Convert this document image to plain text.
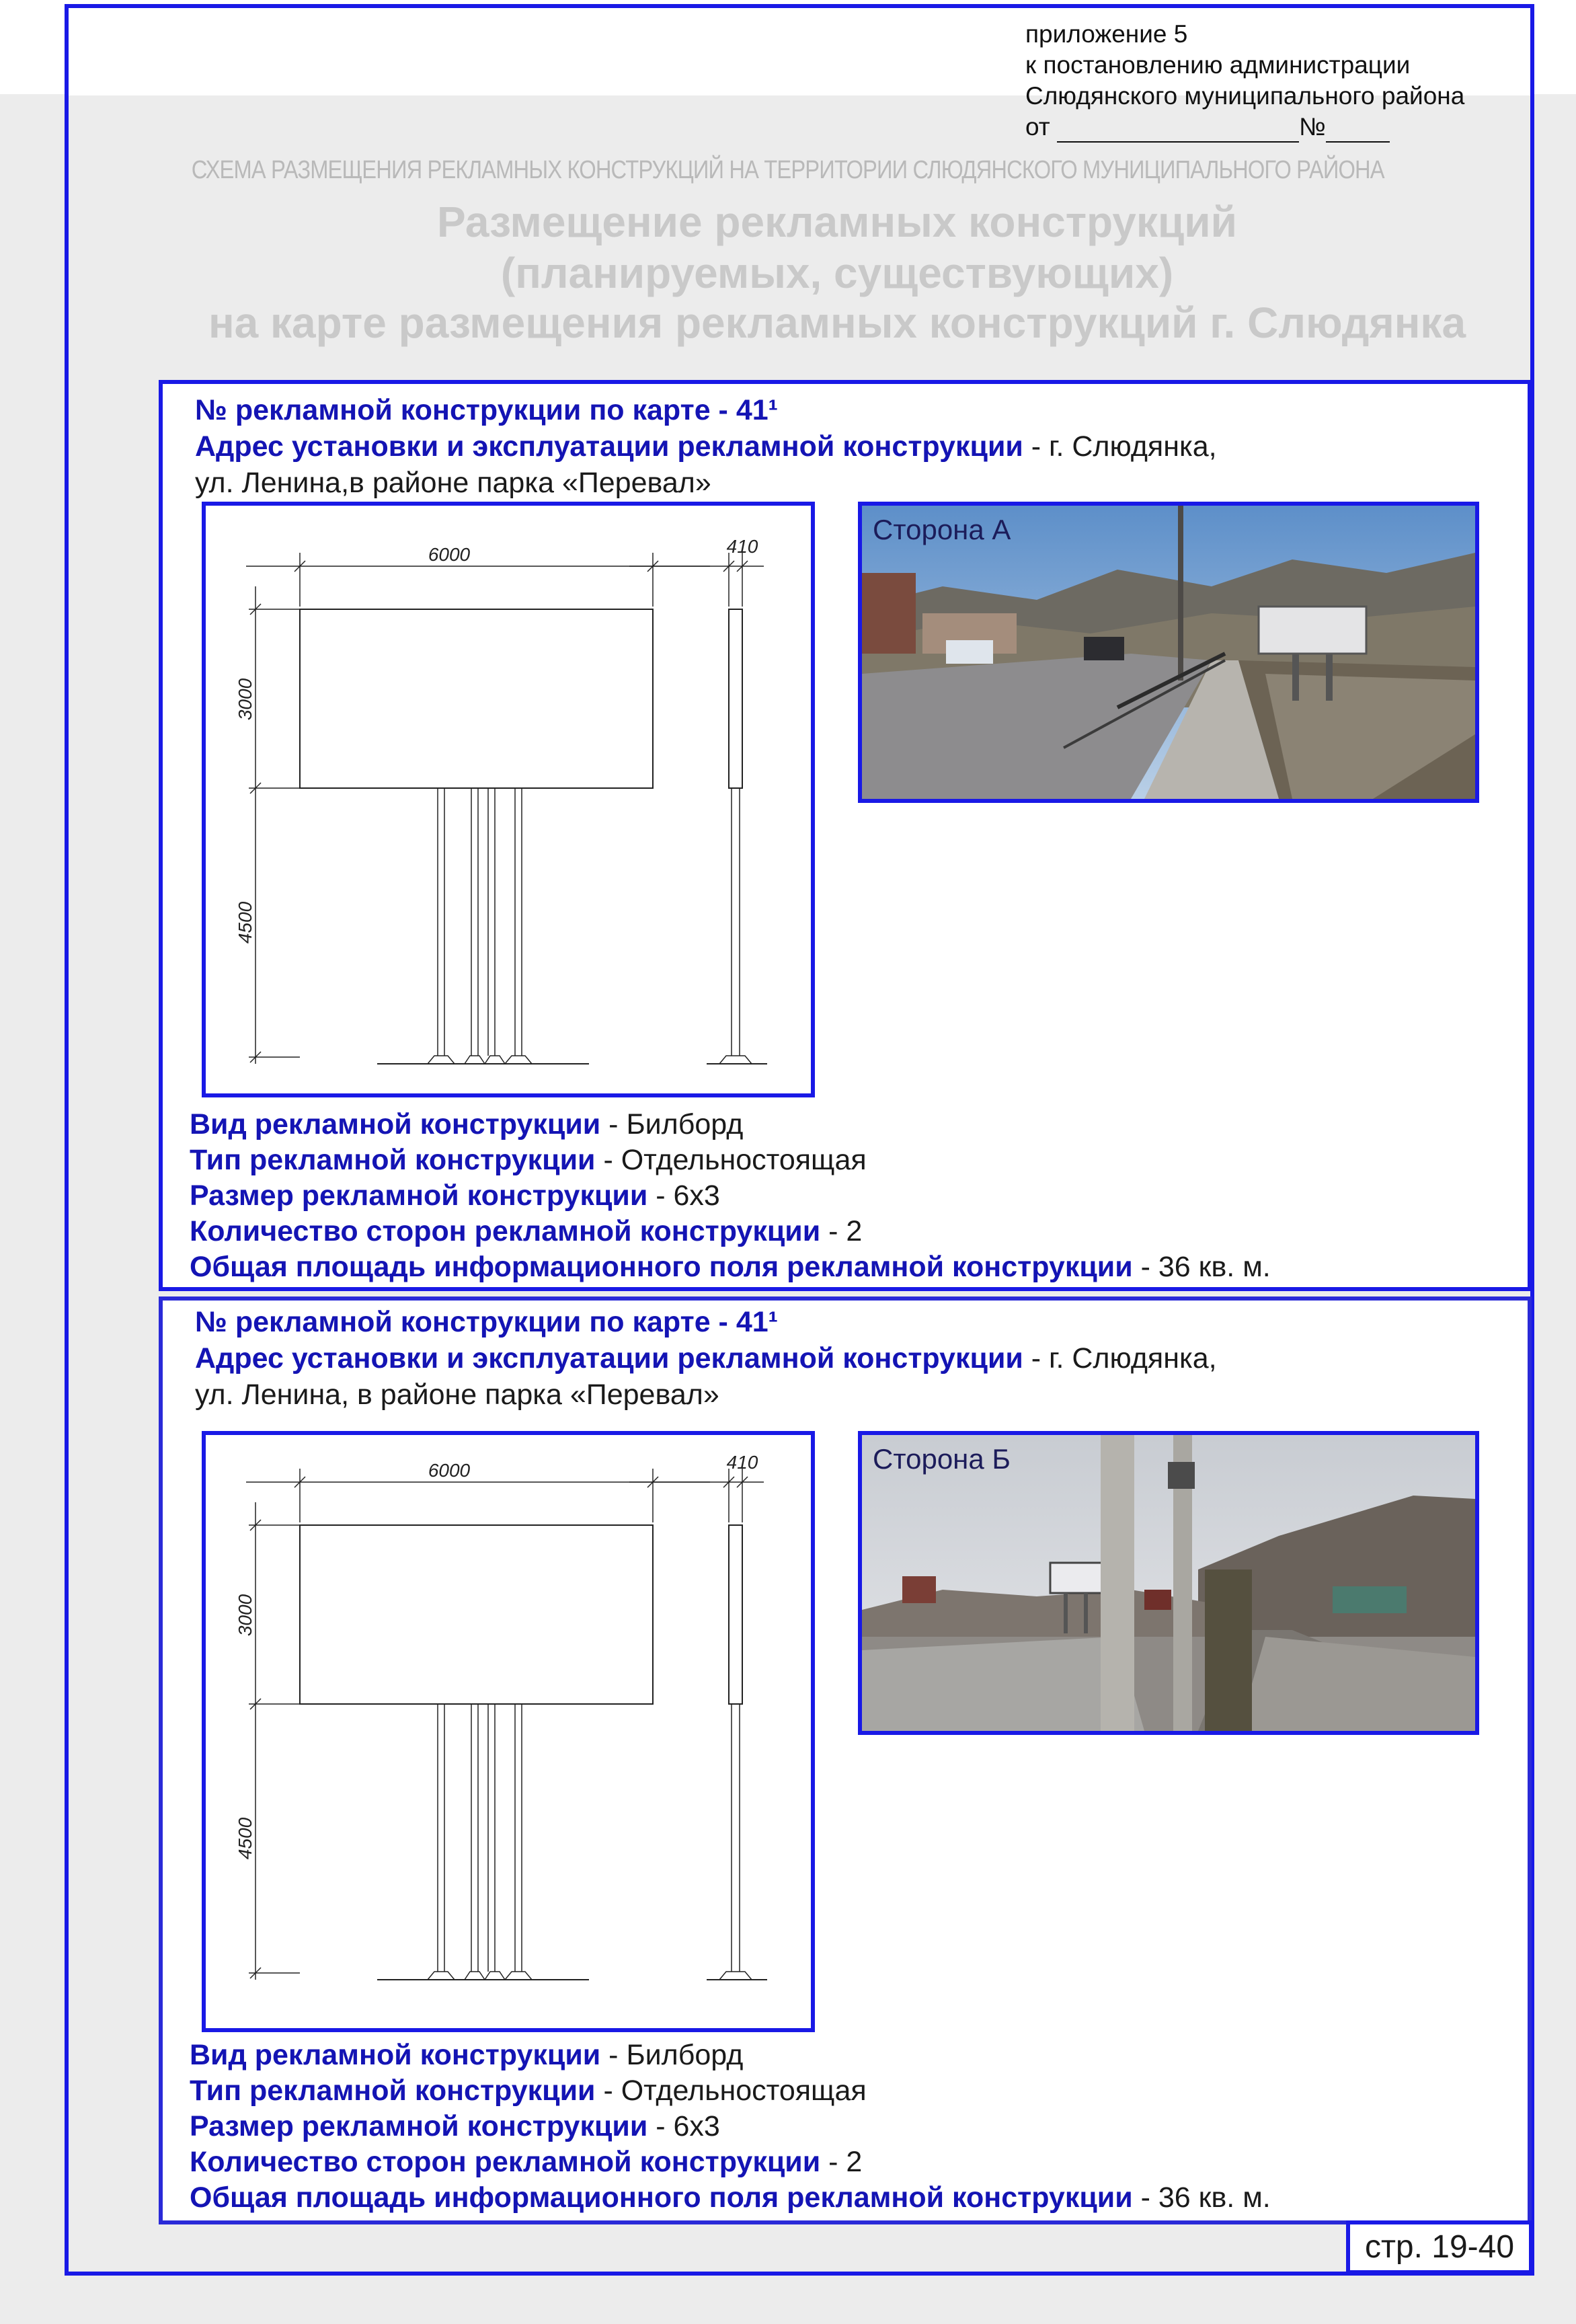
приложение 5
к постановлению администрации
Слюдянского муниципального района
от	№
СХЕМА РАЗМЕЩЕНИЯ РЕКЛАМНЫХ КОНСТРУКЦИЙ НА ТЕРРИТОРИИ СЛЮДЯНСКОГО МУНИЦИПАЛЬНОГО РАЙОНА
Размещение рекламных конструкций
(планируемых, существующих)
на карте размещения рекламных конструкций г. Слюдянка
№ рекламной конструкции по карте - 41¹
Адрес установки и эксплуатации рекламной конструкции - г. Слюдянка,
ул. Ленина,в районе парка «Перевал»
6000	410
3000
4500
Сторона А
Вид рекламной конструкции - Билборд
Тип рекламной конструкции - Отдельностоящая
Размер рекламной конструкции - 6х3
Количество сторон рекламной конструкции - 2
Общая площадь информационного поля рекламной конструкции - 36 кв. м.
№ рекламной конструкции по карте - 41¹
Адрес установки и эксплуатации рекламной конструкции - г. Слюдянка,
ул. Ленина, в районе парка «Перевал»
6000	410
3000
4500
Сторона Б
Вид рекламной конструкции - Билборд
Тип рекламной конструкции - Отдельностоящая
Размер рекламной конструкции - 6х3
Количество сторон рекламной конструкции - 2
Общая площадь информационного поля рекламной конструкции - 36 кв. м.
стр. 19-40
